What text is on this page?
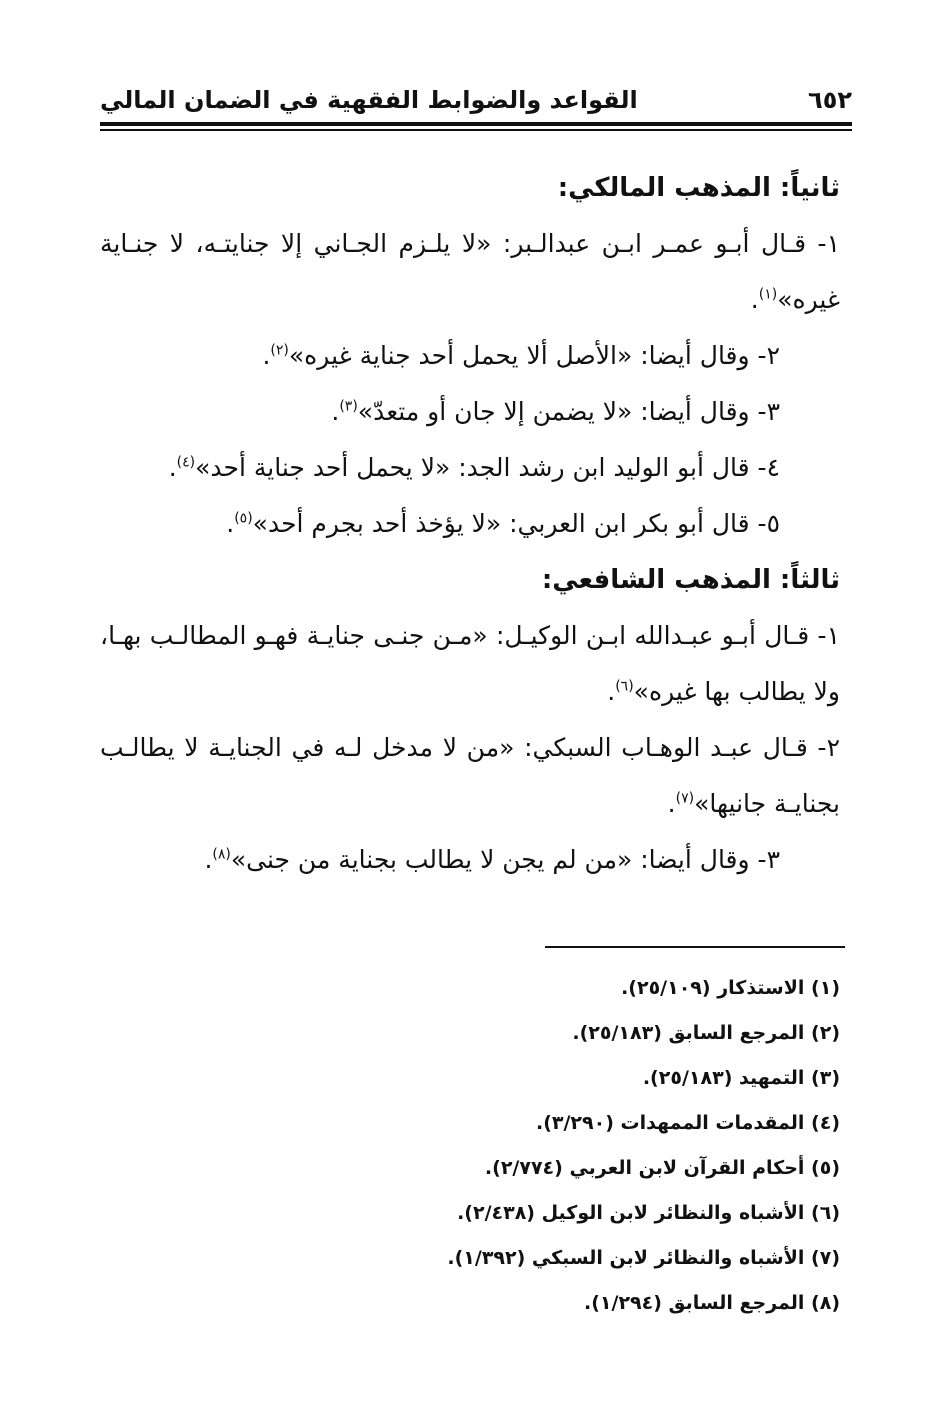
٦٥٢
القواعد والضوابط الفقهية في الضمان المالي

ثانياً: المذهب المالكي:

١- قـال أبـو عمـر ابـن عبدالـبر: «لا يلـزم الجـاني إلا جنايتـه، لا جنـاية غيره»$^{(١)}$.

٢- وقال أيضا: «الأصل ألا يحمل أحد جناية غيره»$^{(٢)}$.

٣- وقال أيضا: «لا يضمن إلا جان أو متعدّ»$^{(٣)}$.

٤- قال أبو الوليد ابن رشد الجد: «لا يحمل أحد جناية أحد»$^{(٤)}$.

٥- قال أبو بكر ابن العربي: «لا يؤخذ أحد بجرم أحد»$^{(٥)}$.

ثالثاً: المذهب الشافعي:

١- قـال أبـو عبـدالله ابـن الوكيـل: «مـن جنـى جنايـة فهـو المطالـب بهـا، ولا يطالب بها غيره»$^{(٦)}$.

٢- قـال عبـد الوهـاب السبكي: «من لا مدخل لـه في الجنايـة لا يطالـب بجنايـة جانيها»$^{(٧)}$.

٣- وقال أيضا: «من لم يجن لا يطالب بجناية من جنى»$^{(٨)}$.

(١) الاستذكار (٢٥/١٠٩).

(٢) المرجع السابق (٢٥/١٨٣).

(٣) التمهيد (٢٥/١٨٣).

(٤) المقدمات الممهدات (٣/٢٩٠).

(٥) أحكام القرآن لابن العربي (٢/٧٧٤).

(٦) الأشباه والنظائر لابن الوكيل (٢/٤٣٨).

(٧) الأشباه والنظائر لابن السبكي (١/٣٩٢).

(٨) المرجع السابق (١/٢٩٤).
